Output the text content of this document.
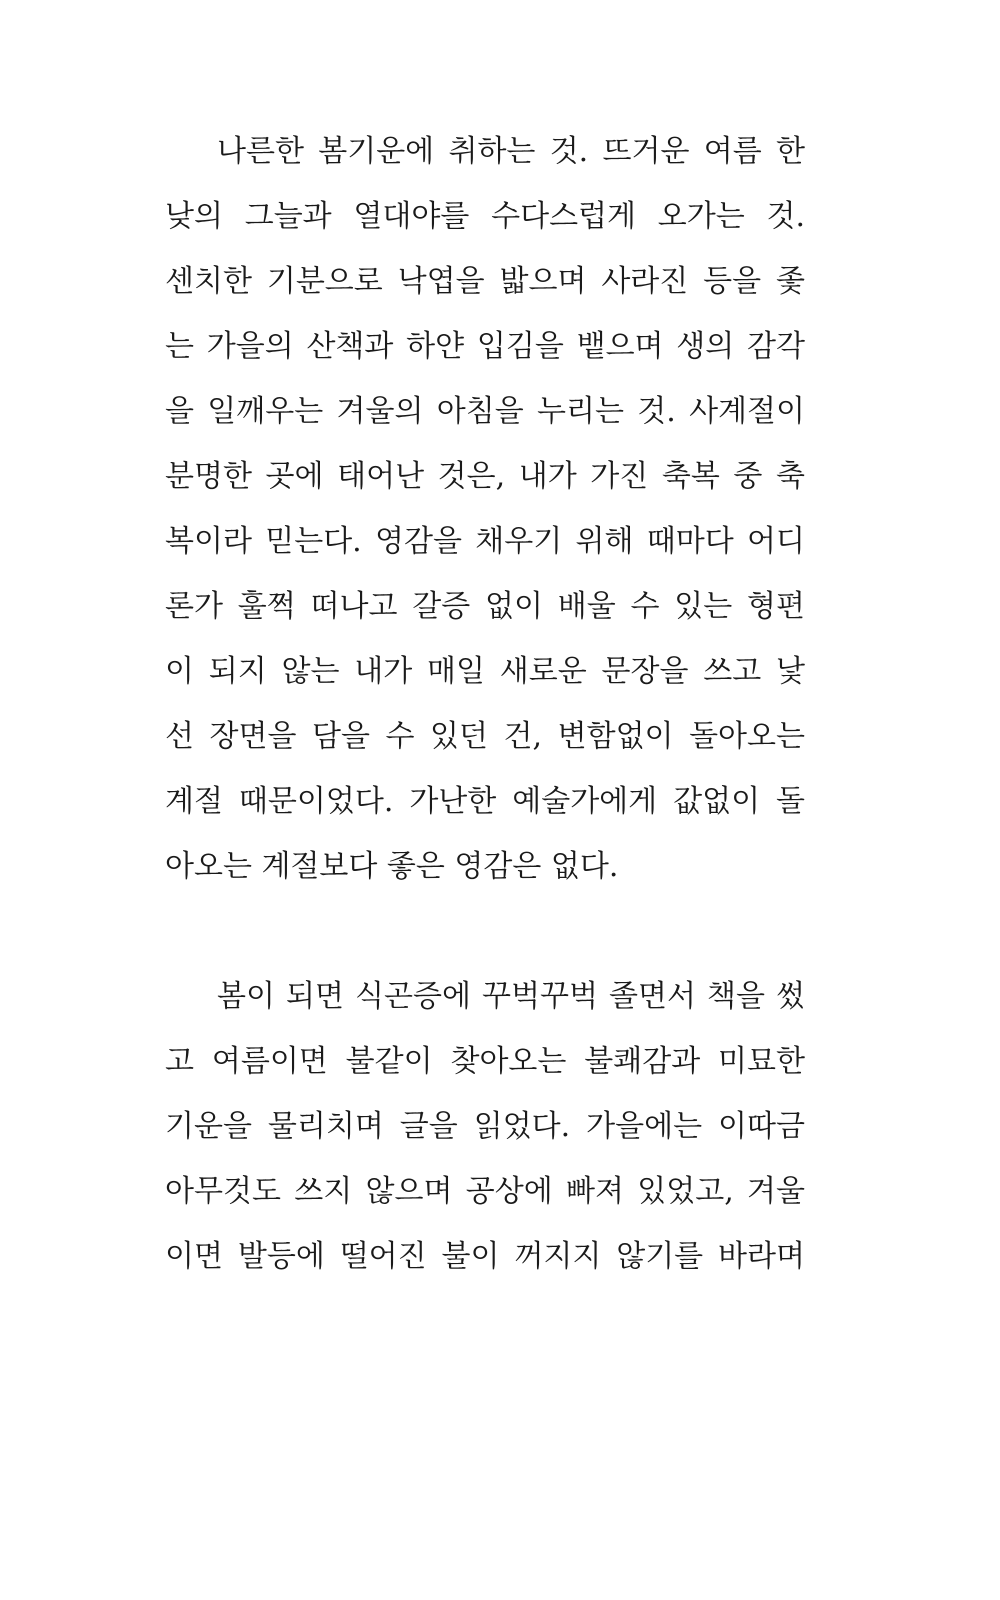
나른한 봄기운에 취하는 것. 뜨거운 여름 한
낮의 그늘과 열대야를 수다스럽게 오가는 것.
센치한 기분으로 낙엽을 밟으며 사라진 등을 좇
는 가을의 산책과 하얀 입김을 뱉으며 생의 감각
을 일깨우는 겨울의 아침을 누리는 것. 사계절이
분명한 곳에 태어난 것은, 내가 가진 축복 중 축
복이라 믿는다. 영감을 채우기 위해 때마다 어디
론가 훌쩍 떠나고 갈증 없이 배울 수 있는 형편
이 되지 않는 내가 매일 새로운 문장을 쓰고 낯
선 장면을 담을 수 있던 건, 변함없이 돌아오는
계절 때문이었다. 가난한 예술가에게 값없이 돌
아오는 계절보다 좋은 영감은 없다.
봄이 되면 식곤증에 꾸벅꾸벅 졸면서 책을 썼
고 여름이면 불같이 찾아오는 불쾌감과 미묘한
기운을 물리치며 글을 읽었다. 가을에는 이따금
아무것도 쓰지 않으며 공상에 빠져 있었고, 겨울
이면 발등에 떨어진 불이 꺼지지 않기를 바라며
